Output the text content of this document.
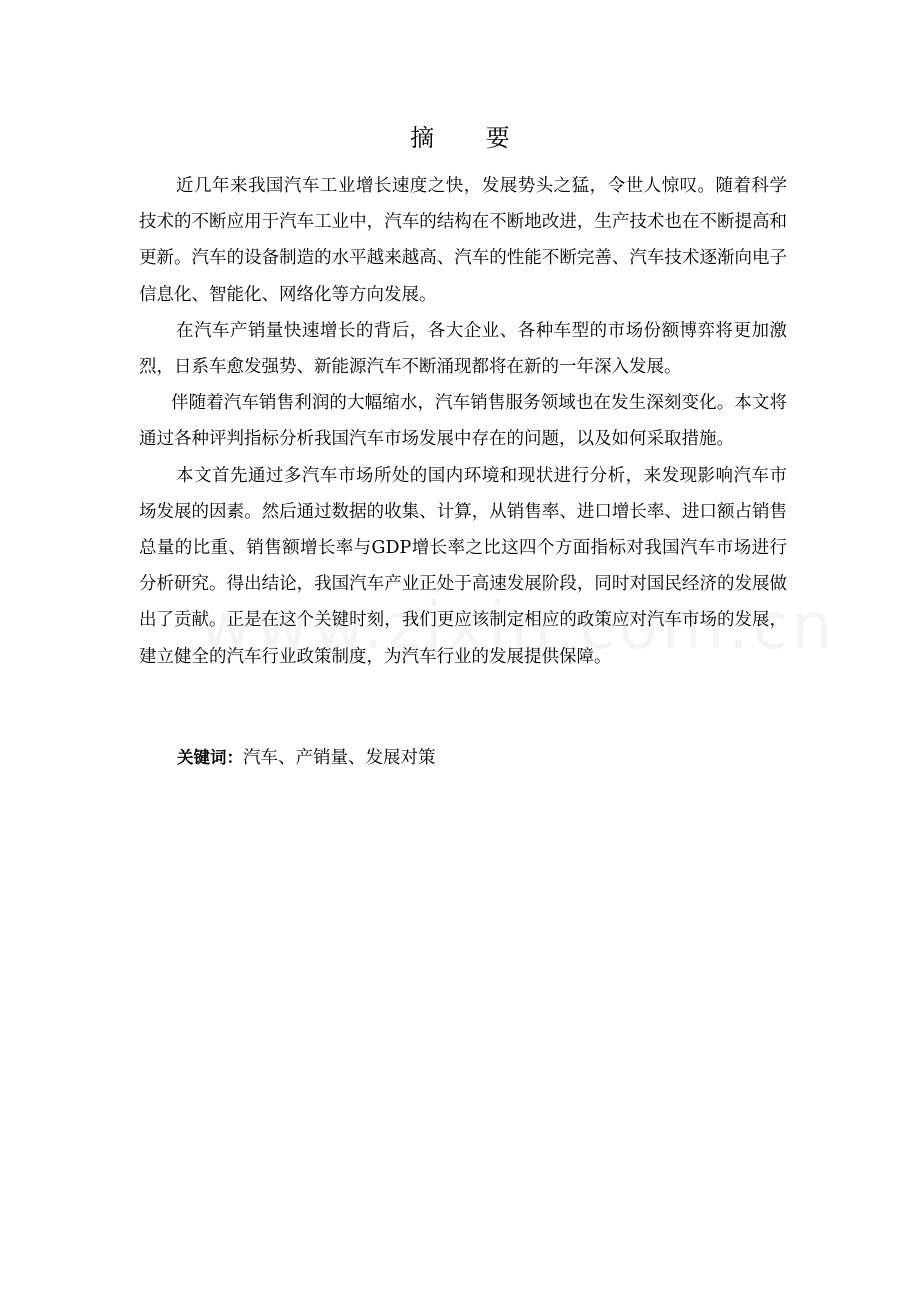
摘 要

近几年来我国汽车工业增长速度之快，发展势头之猛，令世人惊叹。随着科学技术的不断应用于汽车工业中，汽车的结构在不断地改进，生产技术也在不断提高和更新。汽车的设备制造的水平越来越高、汽车的性能不断完善、汽车技术逐渐向电子信息化、智能化、网络化等方向发展。

在汽车产销量快速增长的背后，各大企业、各种车型的市场份额博弈将更加激烈，日系车愈发强势、新能源汽车不断涌现都将在新的一年深入发展。

伴随着汽车销售利润的大幅缩水，汽车销售服务领域也在发生深刻变化。本文将通过各种评判指标分析我国汽车市场发展中存在的问题，以及如何采取措施。

本文首先通过多汽车市场所处的国内环境和现状进行分析，来发现影响汽车市场发展的因素。然后通过数据的收集、计算，从销售率、进口增长率、进口额占销售总量的比重、销售额增长率与GDP增长率之比这四个方面指标对我国汽车市场进行分析研究。得出结论，我国汽车产业正处于高速发展阶段，同时对国民经济的发展做出了贡献。正是在这个关键时刻，我们更应该制定相应的政策应对汽车市场的发展，建立健全的汽车行业政策制度，为汽车行业的发展提供保障。

关键词：汽车、产销量、发展对策
